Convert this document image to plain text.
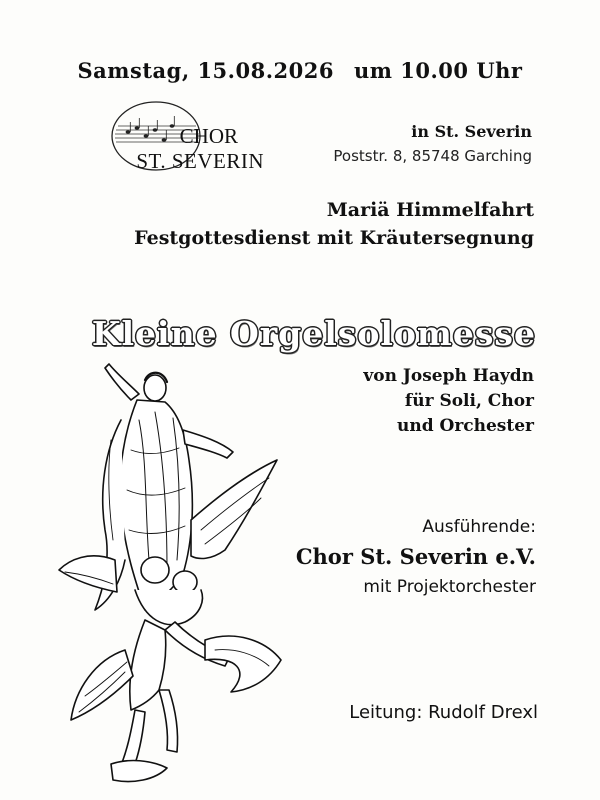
Samstag, 15.08.2026 um 10.00 Uhr
CHOR
ST. SEVERIN
in St. Severin
Poststr. 8, 85748 Garching
Mariä Himmelfahrt
Festgottesdienst mit Kräutersegnung
Kleine Orgelsolomesse
von Joseph Haydn
für Soli, Chor
und Orchester
Ausführende:
Chor St. Severin e.V.
mit Projektorchester
Leitung: Rudolf Drexl
